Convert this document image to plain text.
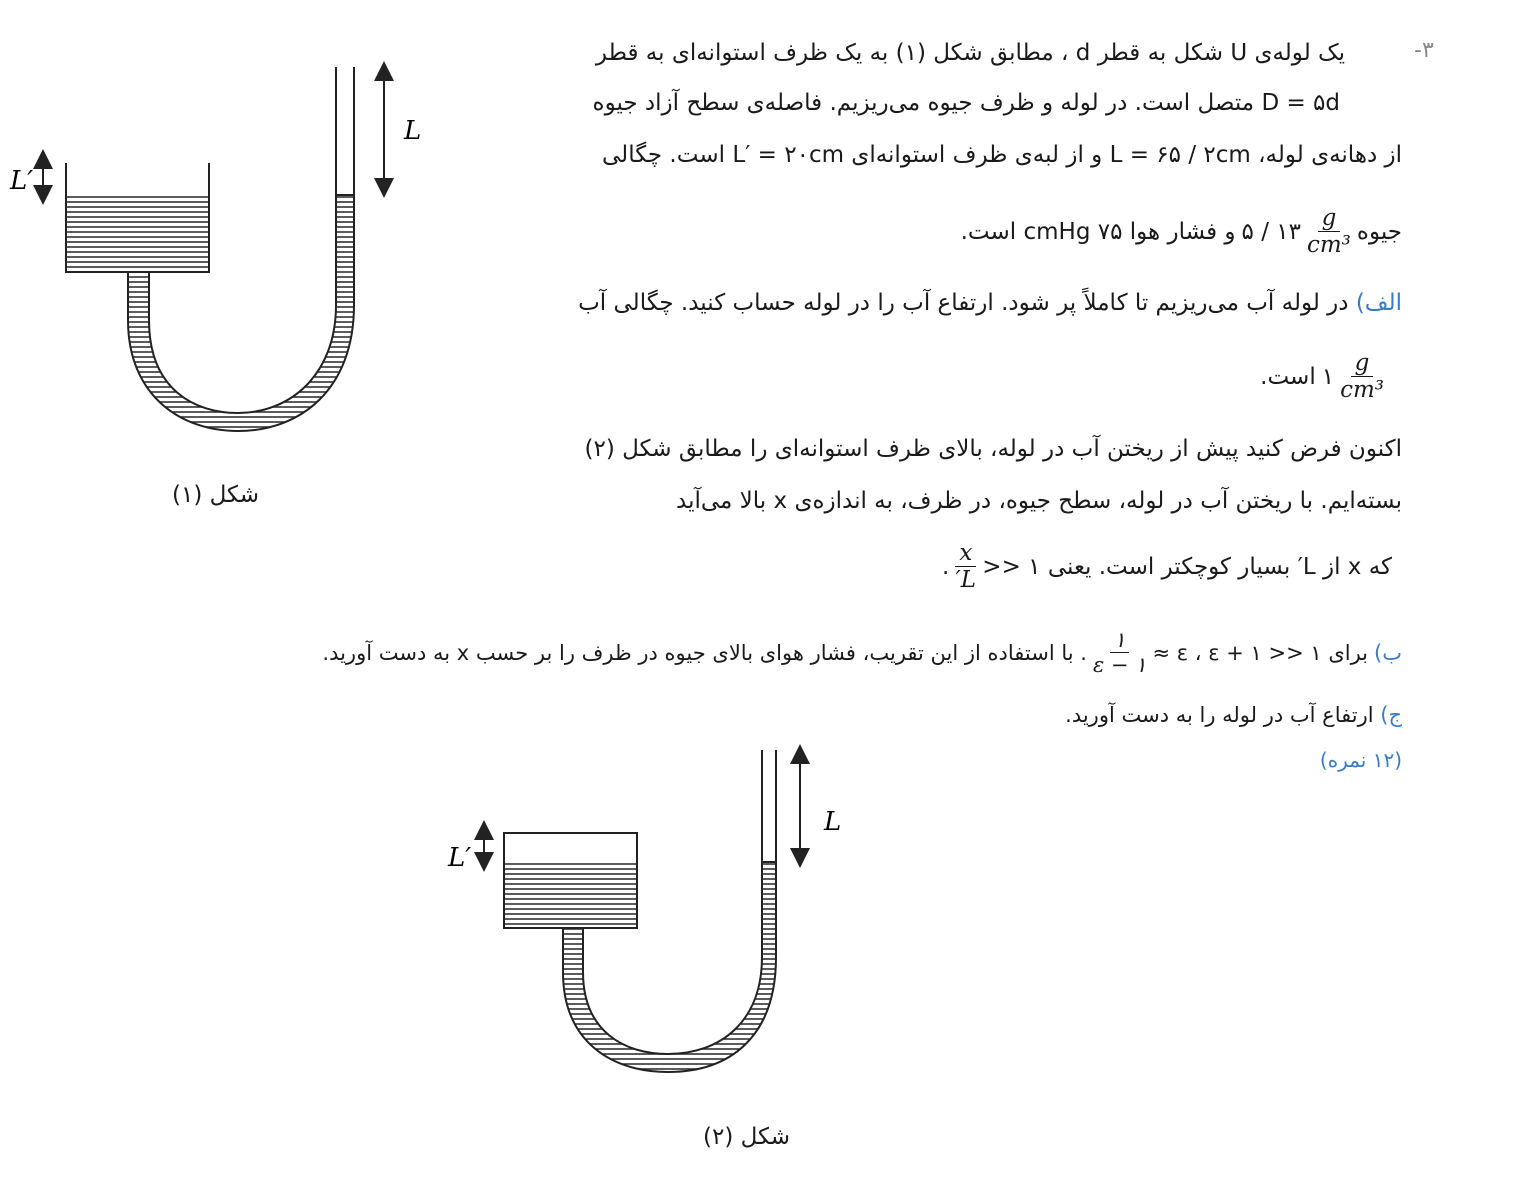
-۳
یک لوله‌ی U شکل به قطر d ، مطابق شکل (۱) به یک ظرف استوانه‌ای به قطر
D = ۵d متصل است. در لوله و ظرف جیوه می‌ریزیم. فاصله‌ی سطح آزاد جیوه
از دهانه‌ی لوله، L = ۶۵ / ۲cm و از لبه‌ی ظرف استوانه‌ای L′ = ۲۰cm است. چگالی
جیوه
$\frac{g}{\text{cm³}}$
۱۳ / ۵
و فشار هوا ۷۵ cmHg است.
الف) در لوله آب می‌ریزیم تا کاملاً پر شود. ارتفاع آب را در لوله حساب کنید. چگالی آب
$\frac{g}{\text{cm³}}$
۱
است.
اکنون فرض کنید پیش از ریختن آب در لوله، بالای ظرف استوانه‌ای را مطابق شکل (۲)
بسته‌ایم. با ریختن آب در لوله، سطح جیوه، در ظرف، به اندازه‌ی x بالا می‌آید
که x از L′ بسیار کوچکتر است. یعنی ۱ <<
$\frac{x}{L'}$
.
ب)
برای ۱ << ε ، ε + ۱ ≈
$\frac{۱}{\varepsilon - ۱}$
. با استفاده از این تقریب، فشار هوای بالای جیوه در ظرف را بر حسب x به دست آورید.
ج) ارتفاع آب در لوله را به دست آورید.
(۱۲ نمره)
L
L′
شکل (۱)
L
L′
شکل (۲)
